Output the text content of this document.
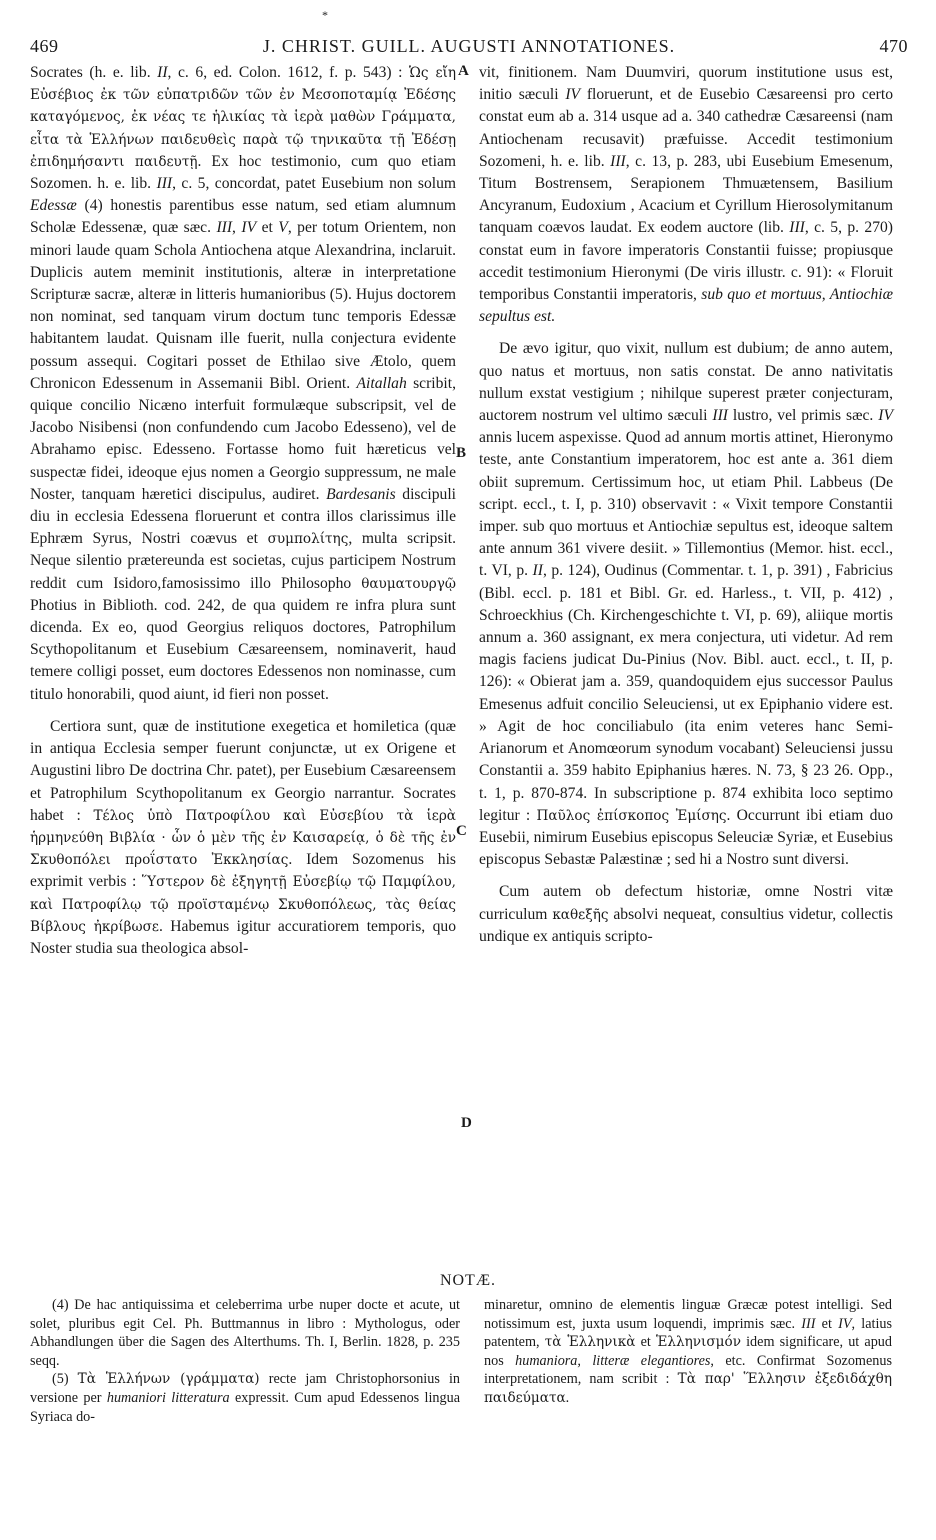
*
469	J. CHRIST. GUILL. AUGUSTI ANNOTATIONES.	470

Socrates (h. e. lib. II, c. 6, ed. Colon. 1612, f. p. 543) : Ὡς εἴη Εὐσέβιος ἐκ τῶν εὐπατριδῶν τῶν ἐν Μεσοποταμίᾳ Ἐδέσης καταγόμενος, ἐκ νέας τε ἡλικίας τὰ ἱερὰ μαθὼν Γράμματα, εἶτα τὰ Ἑλλήνων παιδευθεὶς παρὰ τῷ τηνικαῦτα τῇ Ἐδέσῃ ἐπιδημήσαντι παιδευτῇ. Ex hoc testimonio, cum quo etiam Sozomen. h. e. lib. III, c. 5, concordat, patet Eusebium non solum Edessæ (4) honestis parentibus esse natum, sed etiam alumnum Scholæ Edessenæ, quæ sæc. III, IV et V, per totum Orientem, non minori laude quam Schola Antiochena atque Alexandrina, inclaruit. Duplicis autem meminit institutionis, alteræ in interpretatione Scripturæ sacræ, alteræ in litteris humanioribus (5). Hujus doctorem non nominat, sed tanquam virum doctum tunc temporis Edessæ habitantem laudat. Quisnam ille fuerit, nulla conjectura evidente possum assequi. Cogitari posset de Ethilao sive Ætolo, quem Chronicon Edessenum in Assemanii Bibl. Orient. Aitallah scribit, quique concilio Nicæno interfuit formulæque subscripsit, vel de Jacobo Nisibensi (non confundendo cum Jacobo Edesseno), vel de Abrahamo episc. Edesseno. Fortasse homo fuit hæreticus vel suspectæ fidei, ideoque ejus nomen a Georgio suppressum, ne male Noster, tanquam hæretici discipulus, audiret. Bardesanis discipuli diu in ecclesia Edessena floruerunt et contra illos clarissimus ille Ephræm Syrus, Nostri coævus et συμπολίτης, multa scripsit. Neque silentio prætereunda est societas, cujus participem Nostrum reddit cum Isidoro,famosissimo illo Philosopho θαυματουργῷ Photius in Biblioth. cod. 242, de qua quidem re infra plura sunt dicenda. Ex eo, quod Georgius reliquos doctores, Patrophilum Scythopolitanum et Eusebium Cæsareensem, nominaverit, haud temere colligi posset, eum doctores Edessenos non nominasse, cum titulo honorabili, quod aiunt, id fieri non posset.

Certiora sunt, quæ de institutione exegetica et homiletica (quæ in antiqua Ecclesia semper fuerunt conjunctæ, ut ex Origene et Augustini libro De doctrina Chr. patet), per Eusebium Cæsareensem et Patrophilum Scythopolitanum ex Georgio narrantur. Socrates habet : Τέλος ὑπὸ Πατροφίλου καὶ Εὐσεβίου τὰ ἱερὰ ἡρμηνεύθη Βιβλία · ὧν ὁ μὲν τῆς ἐν Καισαρείᾳ, ὁ δὲ τῆς ἐν Σκυθοπόλει προΐστατο Ἐκκλησίας. Idem Sozomenus his exprimit verbis : Ὕστερον δὲ ἐξηγητῇ Εὐσεβίῳ τῷ Παμφίλου, καὶ Πατροφίλῳ τῷ προϊσταμένῳ Σκυθοπόλεως, τὰς θείας Βίβλους ἠκρίβωσε. Habemus igitur accuratiorem temporis, quo Noster studia sua theologica absol-

A
B
C
D

vit, finitionem. Nam Duumviri, quorum institutione usus est, initio sæculi IV floruerunt, et de Eusebio Cæsareensi pro certo constat eum ab a. 314 usque ad a. 340 cathedræ Cæsareensi (nam Antiochenam recusavit) præfuisse. Accedit testimonium Sozomeni, h. e. lib. III, c. 13, p. 283, ubi Eusebium Emesenum, Titum Bostrensem, Serapionem Thmuætensem, Basilium Ancyranum, Eudoxium , Acacium et Cyrillum Hierosolymitanum tanquam coævos laudat. Ex eodem auctore (lib. III, c. 5, p. 270) constat eum in favore imperatoris Constantii fuisse; propiusque accedit testimonium Hieronymi (De viris illustr. c. 91): « Floruit temporibus Constantii imperatoris, sub quo et mortuus, Antiochiæ sepultus est.

De ævo igitur, quo vixit, nullum est dubium; de anno autem, quo natus et mortuus, non satis constat. De anno nativitatis nullum exstat vestigium ; nihilque superest præter conjecturam, auctorem nostrum vel ultimo sæculi III lustro, vel primis sæc. IV annis lucem aspexisse. Quod ad annum mortis attinet, Hieronymo teste, ante Constantium imperatorem, hoc est ante a. 361 diem obiit supremum. Certissimum hoc, ut etiam Phil. Labbeus (De script. eccl., t. I, p. 310) observavit : « Vixit tempore Constantii imper. sub quo mortuus et Antiochiæ sepultus est, ideoque saltem ante annum 361 vivere desiit. » Tillemontius (Memor. hist. eccl., t. VI, p. II, p. 124), Oudinus (Commentar. t. 1, p. 391) , Fabricius (Bibl. eccl. p. 181 et Bibl. Gr. ed. Harless., t. VII, p. 412) , Schroeckhius (Ch. Kirchengeschichte t. VI, p. 69), aliique mortis annum a. 360 assignant, ex mera conjectura, uti videtur. Ad rem magis faciens judicat Du-Pinius (Nov. Bibl. auct. eccl., t. II, p. 126): « Obierat jam a. 359, quandoquidem ejus successor Paulus Emesenus adfuit concilio Seleuciensi, ut ex Epiphanio videre est. » Agit de hoc conciliabulo (ita enim veteres hanc Semi-Arianorum et Anomœorum synodum vocabant) Seleuciensi jussu Constantii a. 359 habito Epiphanius hæres. N. 73, § 23 26. Opp., t. 1, p. 870-874. In subscriptione p. 874 exhibita loco septimo legitur : Παῦλος ἐπίσκοπος Ἐμίσης. Occurrunt ibi etiam duo Eusebii, nimirum Eusebius episcopus Seleuciæ Syriæ, et Eusebius episcopus Sebastæ Palæstinæ ; sed hi a Nostro sunt diversi.

Cum autem ob defectum historiæ, omne Nostri vitæ curriculum καθεξῆς absolvi nequeat, consultius videtur, collectis undique ex antiquis scripto-

NOTÆ.

(4) De hac antiquissima et celeberrima urbe nuper docte et acute, ut solet, pluribus egit Cel. Ph. Buttmannus in libro : Mythologus, oder Abhandlungen über die Sagen des Alterthums. Th. I, Berlin. 1828, p. 235 seqq.

(5) Τὰ Ἑλλήνων (γράμματα) recte jam Christophorsonius in versione per humaniori litteratura expressit. Cum apud Edessenos lingua Syriaca do-

minaretur, omnino de elementis linguæ Græcæ potest intelligi. Sed notissimum est, juxta usum loquendi, imprimis sæc. III et IV, latius patentem, τὰ Ἑλληνικὰ et Ἑλληνισμόν idem significare, ut apud nos humaniora, litteræ elegantiores, etc. Confirmat Sozomenus interpretationem, nam scribit : Τὰ παρ' Ἕλλησιν ἐξεδιδάχθη παιδεύματα.
